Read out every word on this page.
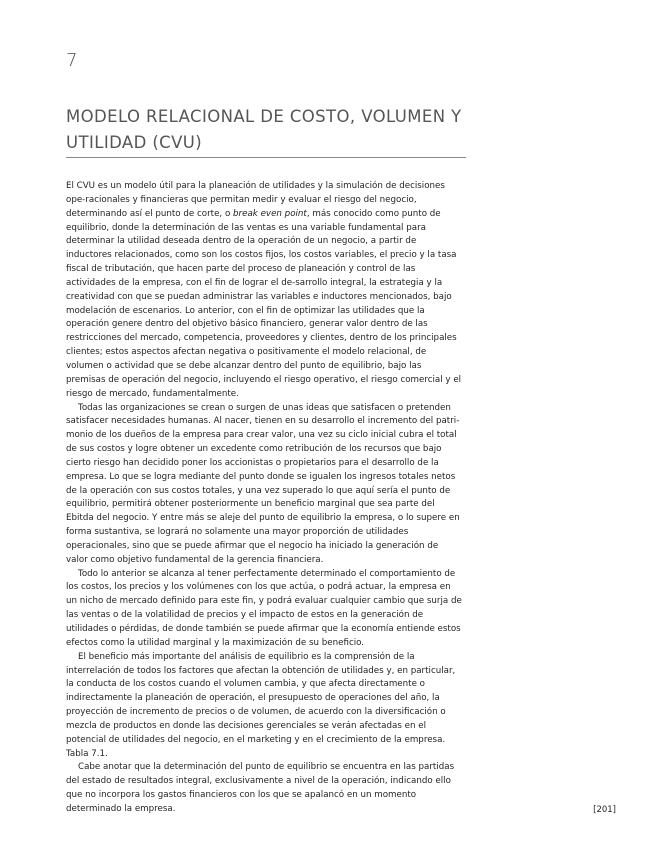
7
MODELO RELACIONAL DE COSTO, VOLUMEN Y UTILIDAD (CVU)

El CVU es un modelo útil para la planeación de utilidades y la simulación de decisiones ope-racionales y financieras que permitan medir y evaluar el riesgo del negocio, determinando así el punto de corte, o break even point, más conocido como punto de equilibrio, donde la determinación de las ventas es una variable fundamental para determinar la utilidad deseada dentro de la operación de un negocio, a partir de inductores relacionados, como son los costos fijos, los costos variables, el precio y la tasa fiscal de tributación, que hacen parte del proceso de planeación y control de las actividades de la empresa, con el fin de lograr el de-sarrollo integral, la estrategia y la creatividad con que se puedan administrar las variables e inductores mencionados, bajo modelación de escenarios. Lo anterior, con el fin de optimizar las utilidades que la operación genere dentro del objetivo básico financiero, generar valor dentro de las restricciones del mercado, competencia, proveedores y clientes, dentro de los principales clientes; estos aspectos afectan negativa o positivamente el modelo relacional, de volumen o actividad que se debe alcanzar dentro del punto de equilibrio, bajo las premisas de operación del negocio, incluyendo el riesgo operativo, el riesgo comercial y el riesgo de mercado, fundamentalmente.

Todas las organizaciones se crean o surgen de unas ideas que satisfacen o pretenden satisfacer necesidades humanas. Al nacer, tienen en su desarrollo el incremento del patri-monio de los dueños de la empresa para crear valor, una vez su ciclo inicial cubra el total de sus costos y logre obtener un excedente como retribución de los recursos que bajo cierto riesgo han decidido poner los accionistas o propietarios para el desarrollo de la empresa. Lo que se logra mediante del punto donde se igualen los ingresos totales netos de la operación con sus costos totales, y una vez superado lo que aquí sería el punto de equilibrio, permitirá obtener posteriormente un beneficio marginal que sea parte del Ebitda del negocio. Y entre más se aleje del punto de equilibrio la empresa, o lo supere en forma sustantiva, se logrará no solamente una mayor proporción de utilidades operacionales, sino que se puede afirmar que el negocio ha iniciado la generación de valor como objetivo fundamental de la gerencia financiera.

Todo lo anterior se alcanza al tener perfectamente determinado el comportamiento de los costos, los precios y los volúmenes con los que actúa, o podrá actuar, la empresa en un nicho de mercado definido para este fin, y podrá evaluar cualquier cambio que surja de las ventas o de la volatilidad de precios y el impacto de estos en la generación de utilidades o pérdidas, de donde también se puede afirmar que la economía entiende estos efectos como la utilidad marginal y la maximización de su beneficio.

El beneficio más importante del análisis de equilibrio es la comprensión de la interrelación de todos los factores que afectan la obtención de utilidades y, en particular, la conducta de los costos cuando el volumen cambia, y que afecta directamente o indirectamente la planeación de operación, el presupuesto de operaciones del año, la proyección de incremento de precios o de volumen, de acuerdo con la diversificación o mezcla de productos en donde las decisiones gerenciales se verán afectadas en el potencial de utilidades del negocio, en el marketing y en el crecimiento de la empresa. Tabla 7.1.

Cabe anotar que la determinación del punto de equilibrio se encuentra en las partidas del estado de resultados integral, exclusivamente a nivel de la operación, indicando ello que no incorpora los gastos financieros con los que se apalancó en un momento determinado la empresa.	[201]
